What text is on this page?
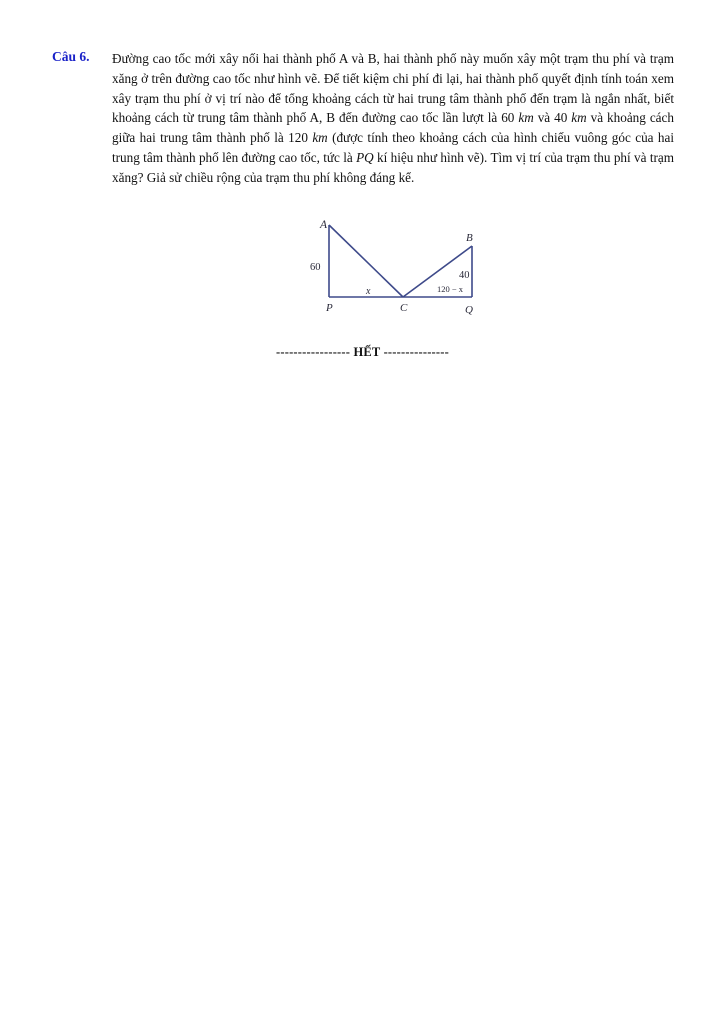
Câu 6. Đường cao tốc mới xây nối hai thành phố A và B, hai thành phố này muốn xây một trạm thu phí và trạm xăng ở trên đường cao tốc như hình vẽ. Để tiết kiệm chi phí đi lại, hai thành phố quyết định tính toán xem xây trạm thu phí ở vị trí nào để tổng khoảng cách từ hai trung tâm thành phố đến trạm là ngắn nhất, biết khoảng cách từ trung tâm thành phố A, B đến đường cao tốc lần lượt là 60 km và 40 km và khoảng cách giữa hai trung tâm thành phố là 120 km (được tính theo khoảng cách của hình chiếu vuông góc của hai trung tâm thành phố lên đường cao tốc, tức là PQ kí hiệu như hình vẽ). Tìm vị trí của trạm thu phí và trạm xăng? Giả sử chiều rộng của trạm thu phí không đáng kể.
A
B
60
40
x	120 − x
P	C	Q
----------------- HẾT ---------------
